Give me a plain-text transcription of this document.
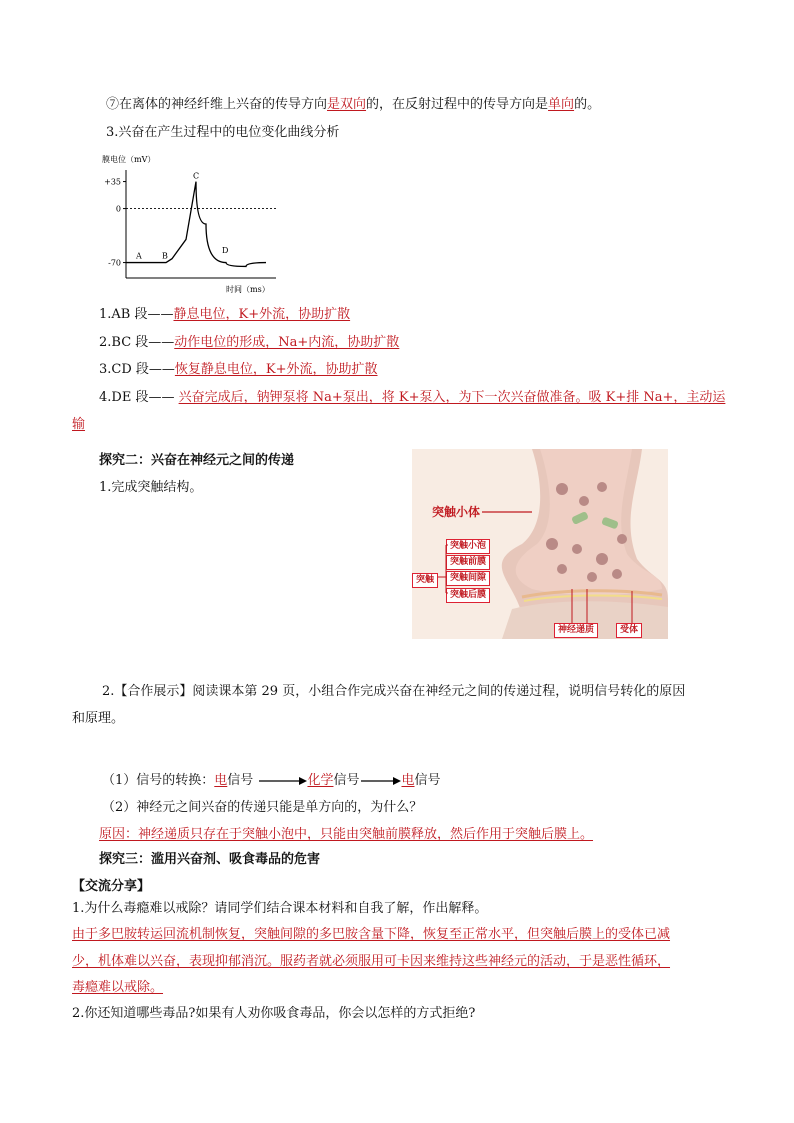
⑦在离体的神经纤维上兴奋的传导方向是双向的，在反射过程中的传导方向是单向的。
3.兴奋在产生过程中的电位变化曲线分析
膜电位（mV）
+35
0
-70
A	B
C
D
时间（ms）
1.AB 段——静息电位，K+外流，协助扩散
2.BC 段——动作电位的形成，Na+内流，协助扩散
3.CD 段——恢复静息电位，K+外流，协助扩散
4.DE 段—— 兴奋完成后，钠钾泵将 Na+泵出，将 K+泵入，为下一次兴奋做准备。吸 K+排 Na+，主动运
输
探究二：兴奋在神经元之间的传递
1.完成突触结构。
突触小体
突触
突触小泡
突触前膜
突触间隙
突触后膜
神经递质	受体
2.【合作展示】阅读课本第 29 页，小组合作完成兴奋在神经元之间的传递过程，说明信号转化的原因
和原理。
（1）信号的转换：电信号	化学信号	电信号
（2）神经元之间兴奋的传递只能是单方向的，为什么？
原因：神经递质只存在于突触小泡中，只能由突触前膜释放，然后作用于突触后膜上。
探究三：滥用兴奋剂、吸食毒品的危害
【交流分享】
1.为什么毒瘾难以戒除？请同学们结合课本材料和自我了解，作出解释。
由于多巴胺转运回流机制恢复，突触间隙的多巴胺含量下降，恢复至正常水平，但突触后膜上的受体已减
少，机体难以兴奋，表现抑郁消沉。服药者就必须服用可卡因来维持这些神经元的活动，于是恶性循环，
毒瘾难以戒除。
2.你还知道哪些毒品?如果有人劝你吸食毒品，你会以怎样的方式拒绝?
